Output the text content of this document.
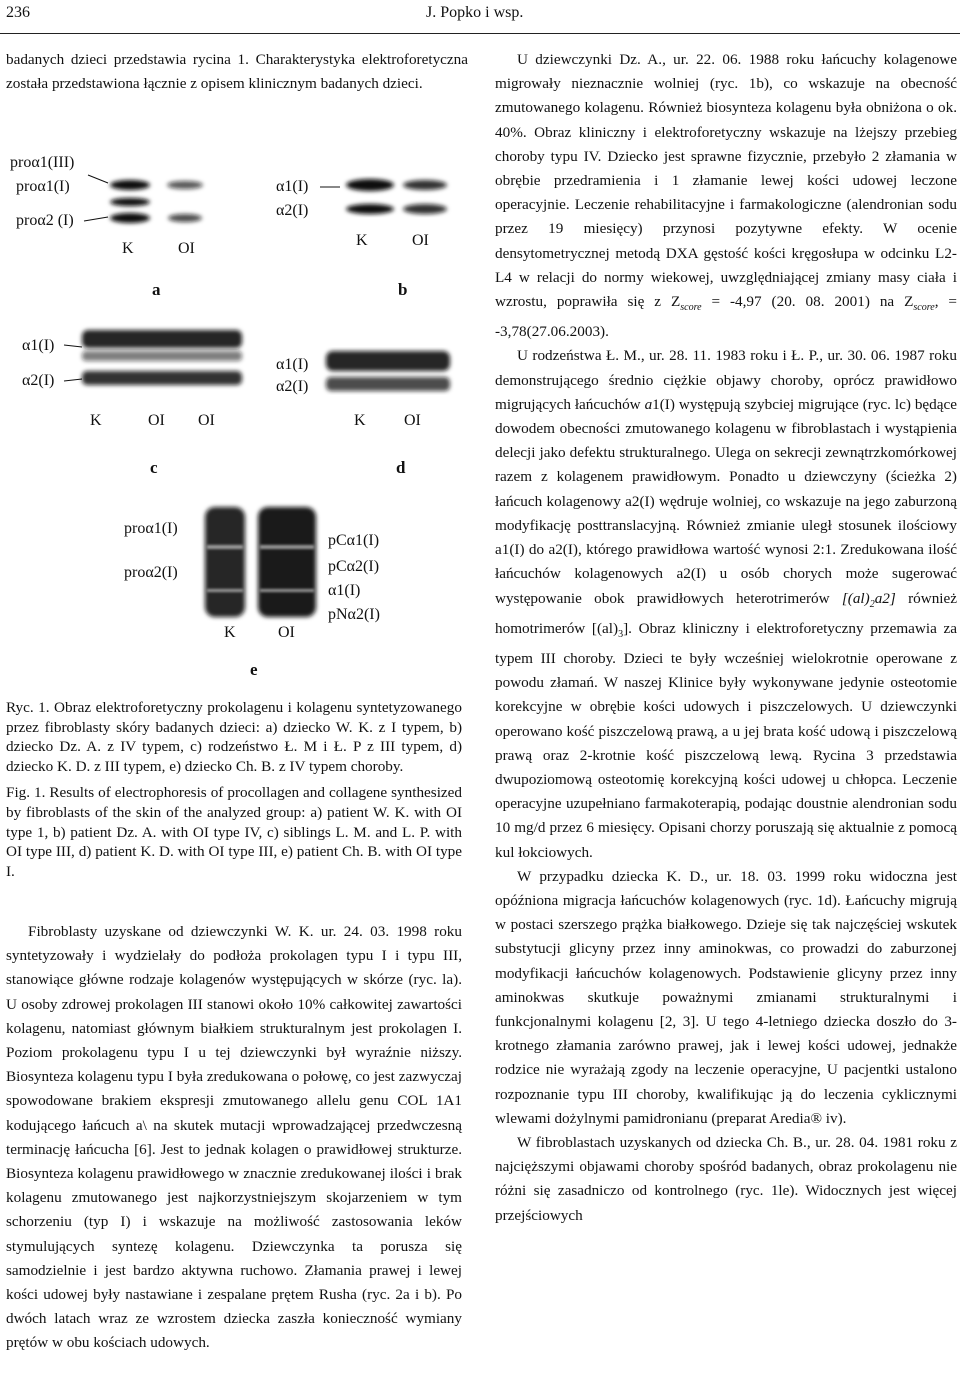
236	J. Popko i wsp.

badanych dzieci przedstawia rycina 1. Charakterystyka elektroforetyczna została przedstawiona łącznie z opisem klinicznym badanych dzieci.

proα1(III)
proα1(I)
proα2 (I)
K	OI
a
α1(I)
α2(I)
K	OI
b
α1(I)
α2(I)
K	OI OI
c
α1(I)
α2(I)
K OI
d
proα1(I)
proα2(I)
pCα1(I)
pCα2(I)
α1(I)
pNα2(I)
K	OI
e

Ryc. 1. Obraz elektroforetyczny prokolagenu i kolagenu syntetyzowanego przez fibroblasty skóry badanych dzieci: a) dziecko W. K. z I typem, b) dziecko Dz. A. z IV typem, c) rodzeństwo Ł. M i Ł. P z III typem, d) dziecko K. D. z III typem, e) dziecko Ch. B. z IV typem choroby.

Fig. 1. Results of electrophoresis of procollagen and collagene synthesized by fibroblasts of the skin of the analyzed group: a) patient W. K. with OI type 1, b) patient Dz. A. with OI type IV, c) siblings L. M. and L. P. with OI type III, d) patient K. D. with OI type III, e) patient Ch. B. with OI type I.

Fibroblasty uzyskane od dziewczynki W. K. ur. 24. 03. 1998 roku syntetyzowały i wydzielały do podłoża prokolagen typu I i typu III, stanowiące główne rodzaje kolagenów występujących w skórze (ryc. la). U osoby zdrowej prokolagen III stanowi około 10% całkowitej zawartości kolagenu, natomiast głównym białkiem strukturalnym jest prokolagen I. Poziom prokolagenu typu I u tej dziewczynki był wyraźnie niższy. Biosynteza kolagenu typu I była zredukowana o połowę, co jest zazwyczaj spowodowane brakiem ekspresji zmutowanego allelu genu COL 1A1 kodującego łańcuch a\ na skutek mutacji wprowadzającej przedwczesną terminację łańcucha [6]. Jest to jednak kolagen o prawidłowej strukturze. Biosynteza kolagenu prawidłowego w znacznie zredukowanej ilości i brak kolagenu zmutowanego jest najkorzystniejszym skojarzeniem w tym schorzeniu (typ I) i wskazuje na możliwość zastosowania leków stymulujących syntezę kolagenu. Dziewczynka ta porusza się samodzielnie i jest bardzo aktywna ruchowo. Złamania prawej i lewej kości udowej były nastawiane i zespalane prętem Rusha (ryc. 2a i b). Po dwóch latach wraz ze wzrostem dziecka zaszła konieczność wymiany prętów w obu kościach udowych.

U dziewczynki Dz. A., ur. 22. 06. 1988 roku łańcuchy kolagenowe migrowały nieznacznie wolniej (ryc. 1b), co wskazuje na obecność zmutowanego kolagenu. Również biosynteza kolagenu była obniżona o ok. 40%. Obraz kliniczny i elektroforetyczny wskazuje na lżejszy przebieg choroby typu IV. Dziecko jest sprawne fizycznie, przebyło 2 złamania w obrębie przedramienia i 1 złamanie lewej kości udowej leczone operacyjnie. Leczenie rehabilitacyjne i farmakologiczne (alendronian sodu przez 19 miesięcy) przynosi pozytywne efekty. W ocenie densytometrycznej metodą DXA gęstość kości kręgosłupa w odcinku L2-L4 w relacji do normy wiekowej, uwzględniającej zmiany masy ciała i wzrostu, poprawiła się z $Z_{score} = -4,97$ (20. 08. 2001) na $Z_{score}$, = -3,78(27.06.2003).

U rodzeństwa Ł. M., ur. 28. 11. 1983 roku i Ł. P., ur. 30. 06. 1987 roku demonstrującego średnio ciężkie objawy choroby, oprócz prawidłowo migrujących łańcuchów a1(I) występują szybciej migrujące (ryc. lc) będące dowodem obecności zmutowanego kolagenu w fibroblastach i wystąpienia delecji jako defektu strukturalnego. Ulega on sekrecji zewnątrzkomórkowej razem z kolagenem prawidłowym. Ponadto u dziewczyny (ścieżka 2) łańcuch kolagenowy a2(I) wędruje wolniej, co wskazuje na jego zaburzoną modyfikację posttranslacyjną. Również zmianie uległ stosunek ilościowy a1(I) do a2(I), którego prawidłowa wartość wynosi 2:1. Zredukowana ilość łańcuchów kolagenowych a2(I) u osób chorych może sugerować występowanie obok prawidłowych heterotrimerów $[(al)_2a2]$ również homotrimerów $[(al)_3]$. Obraz kliniczny i elektroforetyczny przemawia za typem III choroby. Dzieci te były wcześniej wielokrotnie operowane z powodu złamań. W naszej Klinice były wykonywane jedynie osteotomie korekcyjne w obrębie kości udowych i piszczelowych. U dziewczynki operowano kość piszczelową prawą, a u jej brata kość udową i piszczelową prawą oraz 2-krotnie kość piszczelową lewą. Rycina 3 przedstawia dwupoziomową osteotomię korekcyjną kości udowej u chłopca. Leczenie operacyjne uzupełniano farmakoterapią, podając doustnie alendronian sodu 10 mg/d przez 6 miesięcy. Opisani chorzy poruszają się aktualnie z pomocą kul łokciowych.

W przypadku dziecka K. D., ur. 18. 03. 1999 roku widoczna jest opóźniona migracja łańcuchów kolagenowych (ryc. 1d). Łańcuchy migrują w postaci szerszego prążka białkowego. Dzieje się tak najczęściej wskutek substytucji glicyny przez inny aminokwas, co prowadzi do zaburzonej modyfikacji łańcuchów kolagenowych. Podstawienie glicyny przez inny aminokwas skutkuje poważnymi zmianami strukturalnymi i funkcjonalnymi kolagenu [2, 3]. U tego 4-letniego dziecka doszło do 3-krotnego złamania zarówno prawej, jak i lewej kości udowej, jednakże rodzice nie wyrażają zgody na leczenie operacyjne, U pacjentki ustalono rozpoznanie typu III choroby, kwalifikując ją do leczenia cyklicznymi wlewami dożylnymi pamidronianu (preparat Aredia® iv).

W fibroblastach uzyskanych od dziecka Ch. B., ur. 28. 04. 1981 roku z najcięższymi objawami choroby spośród badanych, obraz prokolagenu nie różni się zasadniczo od kontrolnego (ryc. 1le). Widocznych jest więcej przejściowych
